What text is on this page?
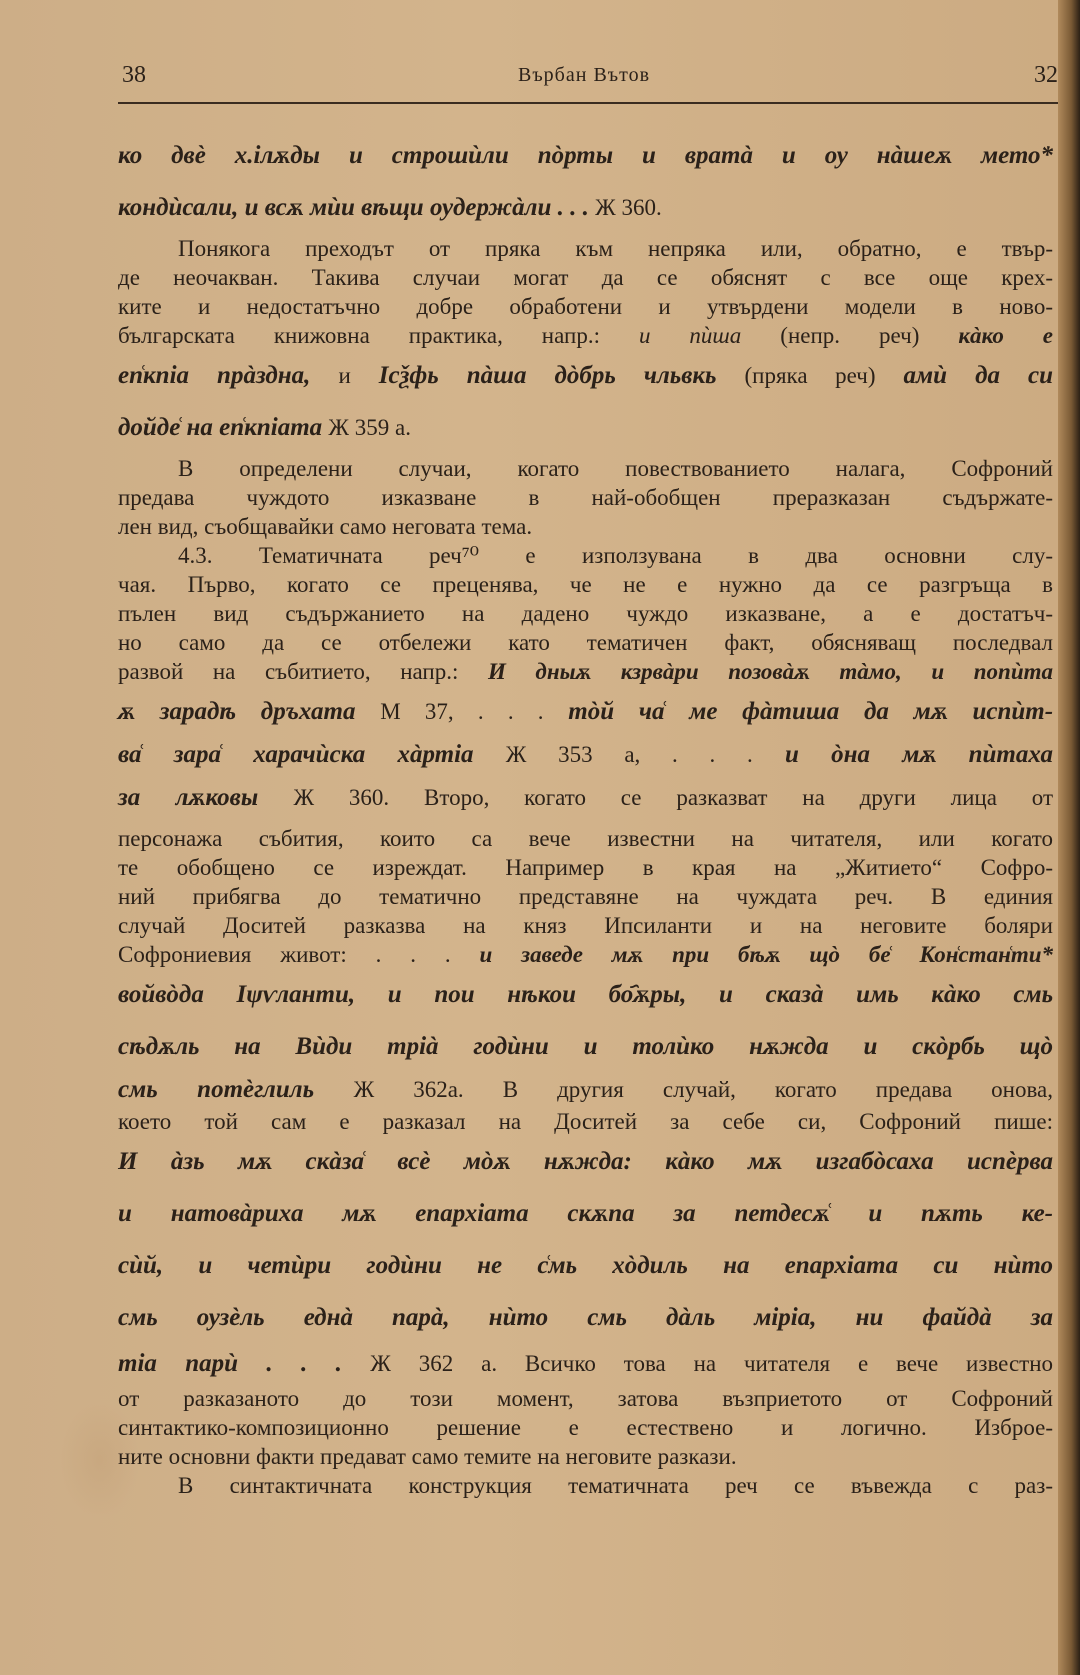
38	Върбан Вътов	32

ко двѐ х.ілѫды и строшѝли пòрты и вратà и оу нàшеѫ мето*

кондѝсали, и всѫ мѝи вѣщи оудержàли . . . Ж 360.

Понякога преходът от пряка към непряка или, обратно, е твър-

де неочакван. Такива случаи могат да се обяснят с все още крех-

ките и недостатъчно добре обработени и утвърдени модели в ново-

българската книжовна практика, напр.: и пѝша (непр. реч) кàко е

еп͑кпіа прàздна, и Ісѯфь пàша дòбрь чльвкь (пряка реч) амѝ да си

дойде͑ на еп͑кпіата Ж 359 а.

В определени случаи, когато повествованието налага, Софроний

предава чуждото изказване в най-обобщен преразказан съдържате-

лен вид, съобщавайки само неговата тема.

4.3. Тематичната реч⁷⁰ е използувана в два основни слу-

чая. Първо, когато се преценява, че не е нужно да се разгръща в

пълен вид съдържанието на дадено чуждо изказване, а е достатъч-

но само да се отбележи като тематичен факт, обясняващ последвал

развой на събитието, напр.: И дныѫ кзрвàри позовàѫ тàмо, и попѝта

ѫ зарадѣ дръхата М 37, . . . тòй ча͑ ме фàтиша да мѫ испѝт-

ва͑ зара͑ харачѝска хàртіа Ж 353 а, . . . и òна мѫ пѝтаха

за лѫковы Ж 360. Второ, когато се разказват на други лица от

персонажа събития, които са вече известни на читателя, или когато

те обобщено се изреждат. Например в края на „Житието“ Софро-

ний прибягва до тематично представяне на чуждата реч. В единия

случай Доситей разказва на княз Ипсиланти и на неговите боляри

Софрониевия живот: . . . и заведе мѫ при бѣѫ щò бе͑ Кон͑стан͑ти*

войвòда Іѱѵланти, и пои нѣкои бо҄ѫры, и сказà имь кàко смь

сѣдѫль на Вѝди тріà годѝни и толѝко нѫжда и скòрбь щò

смь потèглиль Ж 362а. В другия случай, когато предава онова,

което той сам е разказал на Доситей за себе си, Софроний пише:

И àзь мѫ скàза͑ всѐ мòѫ нѫжда: кàко мѫ изгабòсаха испѐрва

и натовàриха мѫ епархіата скѫпа за петдесѫ͑ и пѫть ке-

сѝй, и четѝри годѝни не с͑мь хòдиль на епархіата си нѝто

смь оузèль еднà парà, нѝто смь дàль міріа, ни файдà за

тіа парѝ . . . Ж 362 а. Всичко това на читателя е вече известно

от разказаното до този момент, затова възприетото от Софроний

синтактико-композиционно решение е естествено и логично. Изброе-

ните основни факти предават само темите на неговите разкази.

В синтактичната конструкция тематичната реч се въвежда с раз-
